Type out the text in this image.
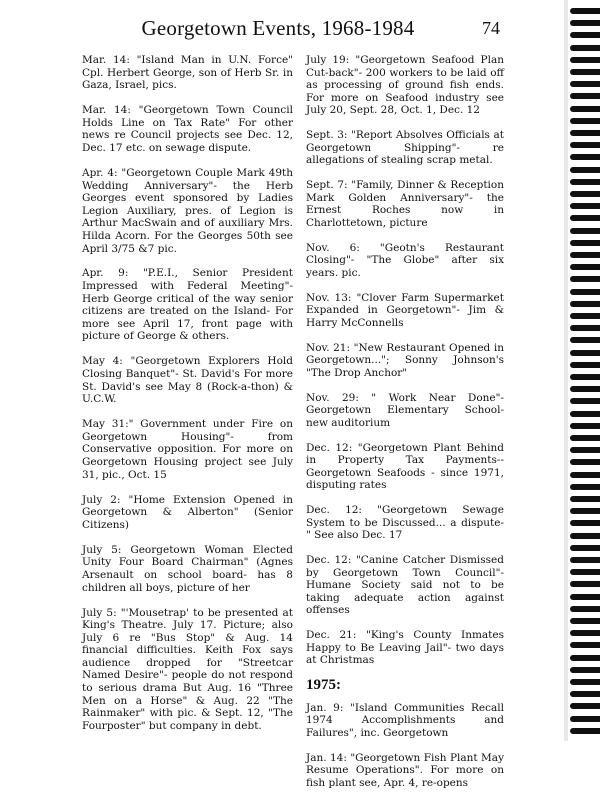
Georgetown Events, 1968-1984	74

Mar. 14: "Island Man in U.N. Force" Cpl. Herbert George, son of Herb Sr. in Gaza, Israel, pics.

Mar. 14: "Georgetown Town Council Holds Line on Tax Rate" For other news re Council projects see Dec. 12, Dec. 17 etc. on sewage dispute.

Apr. 4: "Georgetown Couple Mark 49th Wedding Anniversary"- the Herb Georges event sponsored by Ladies Legion Auxiliary, pres. of Legion is Arthur MacSwain and of auxiliary Mrs. Hilda Acorn. For the Georges 50th see April 3/75 &7 pic.

Apr. 9: "P.E.I., Senior President Impressed with Federal Meeting"- Herb George critical of the way senior citizens are treated on the Island- For more see April 17, front page with picture of George & others.

May 4: "Georgetown Explorers Hold Closing Banquet"- St. David's For more St. David's see May 8 (Rock-a-thon) & U.C.W.

May 31:" Government under Fire on Georgetown Housing"- from Conservative opposition. For more on Georgetown Housing project see July 31, pic., Oct. 15

July 2: "Home Extension Opened in Georgetown & Alberton" (Senior Citizens)

July 5: Georgetown Woman Elected Unity Four Board Chairman" (Agnes Arsenault on school board- has 8 children all boys, picture of her

July 5: "'Mousetrap' to be presented at King's Theatre. July 17. Picture; also July 6 re "Bus Stop" & Aug. 14 financial difficulties. Keith Fox says audience dropped for "Streetcar Named Desire"- people do not respond to serious drama But Aug. 16 "Three Men on a Horse" & Aug. 22 "The Rainmaker" with pic. & Sept. 12, "The Fourposter" but company in debt.

July 19: "Georgetown Seafood Plan Cut-back"- 200 workers to be laid off as processing of ground fish ends. For more on Seafood industry see July 20, Sept. 28, Oct. 1, Dec. 12

Sept. 3: "Report Absolves Officials at Georgetown Shipping"- re allegations of stealing scrap metal.

Sept. 7: "Family, Dinner & Reception Mark Golden Anniversary"- the Ernest Roches now in Charlottetown, picture

Nov. 6: "Geotn's Restaurant Closing"- "The Globe" after six years. pic.

Nov. 13: "Clover Farm Supermarket Expanded in Georgetown"- Jim & Harry McConnells

Nov. 21: "New Restaurant Opened in Georgetown..."; Sonny Johnson's "The Drop Anchor"

Nov. 29: " Work Near Done"- Georgetown Elementary School- new auditorium

Dec. 12: "Georgetown Plant Behind in Property Tax Payments-- Georgetown Seafoods - since 1971, disputing rates

Dec. 12: "Georgetown Sewage System to be Discussed... a dispute- " See also Dec. 17

Dec. 12: "Canine Catcher Dismissed by Georgetown Town Council"- Humane Society said not to be taking adequate action against offenses

Dec. 21: "King's County Inmates Happy to Be Leaving Jail"- two days at Christmas

1975:

Jan. 9: "Island Communities Recall 1974 Accomplishments and Failures", inc. Georgetown

Jan. 14: "Georgetown Fish Plant May Resume Operations". For more on fish plant see, Apr. 4, re-opens
